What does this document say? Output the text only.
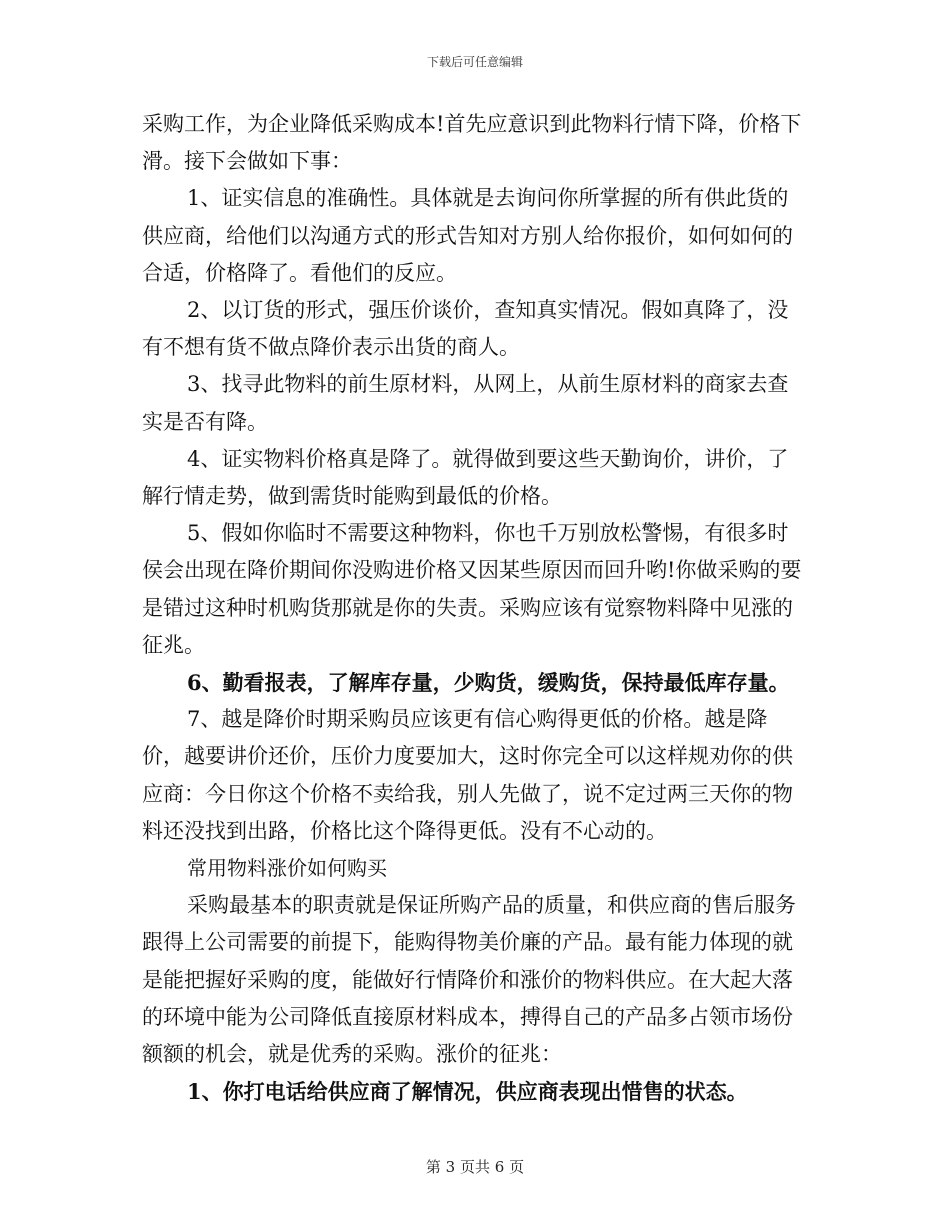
下载后可任意编辑

采购工作，为企业降低采购成本!首先应意识到此物料行情下降，价格下滑。接下会做如下事：

1、证实信息的准确性。具体就是去询问你所掌握的所有供此货的供应商，给他们以沟通方式的形式告知对方别人给你报价，如何如何的合适，价格降了。看他们的反应。

2、以订货的形式，强压价谈价，查知真实情况。假如真降了，没有不想有货不做点降价表示出货的商人。

3、找寻此物料的前生原材料，从网上，从前生原材料的商家去查实是否有降。

4、证实物料价格真是降了。就得做到要这些天勤询价，讲价，了解行情走势，做到需货时能购到最低的价格。

5、假如你临时不需要这种物料，你也千万别放松警惕，有很多时侯会出现在降价期间你没购进价格又因某些原因而回升哟!你做采购的要是错过这种时机购货那就是你的失责。采购应该有觉察物料降中见涨的征兆。

6、勤看报表，了解库存量，少购货，缓购货，保持最低库存量。

7、越是降价时期采购员应该更有信心购得更低的价格。越是降价，越要讲价还价，压价力度要加大，这时你完全可以这样规劝你的供应商：今日你这个价格不卖给我，别人先做了，说不定过两三天你的物料还没找到出路，价格比这个降得更低。没有不心动的。

常用物料涨价如何购买

采购最基本的职责就是保证所购产品的质量，和供应商的售后服务跟得上公司需要的前提下，能购得物美价廉的产品。最有能力体现的就是能把握好采购的度，能做好行情降价和涨价的物料供应。在大起大落的环境中能为公司降低直接原材料成本，搏得自己的产品多占领市场份额额的机会，就是优秀的采购。涨价的征兆：

1、你打电话给供应商了解情况，供应商表现出惜售的状态。

第 3 页共 6 页
